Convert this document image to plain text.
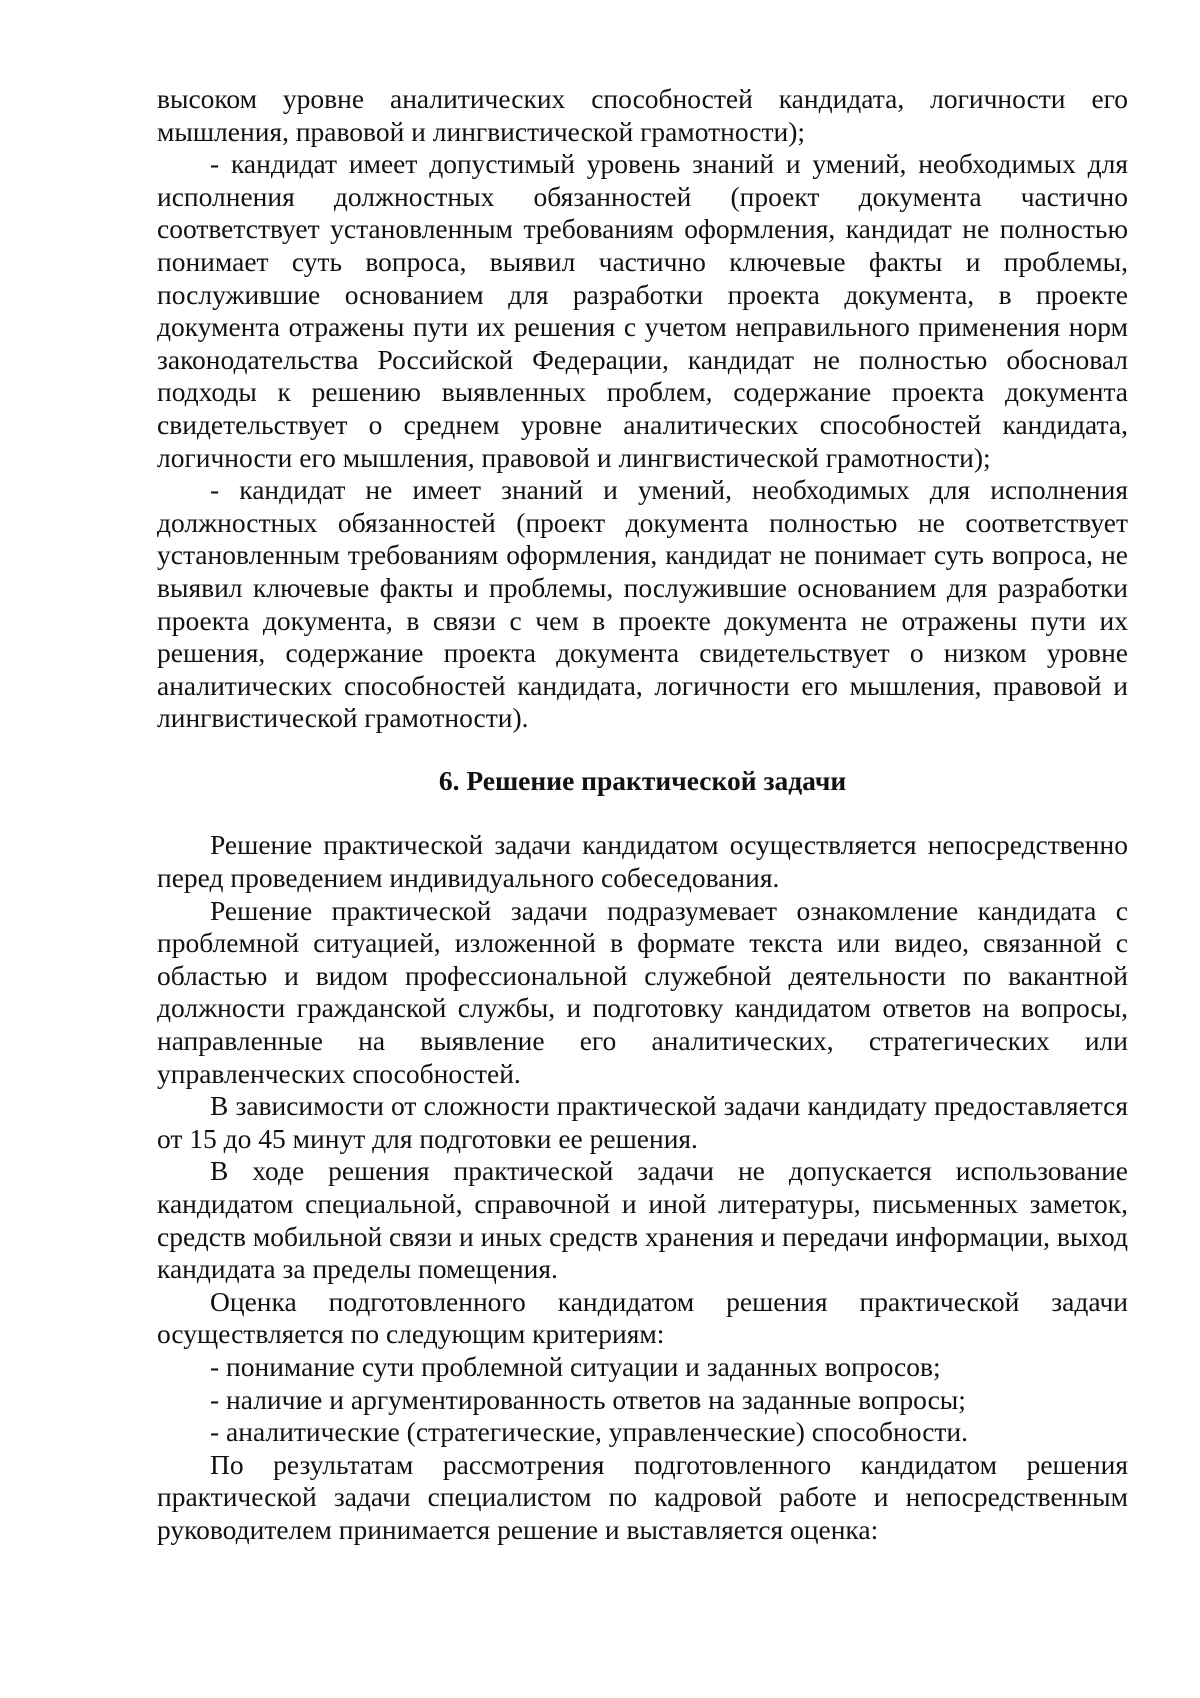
высоком уровне аналитических способностей кандидата, логичности его мышления, правовой и лингвистической грамотности);

- кандидат имеет допустимый уровень знаний и умений, необходимых для исполнения должностных обязанностей (проект документа частично соответствует установленным требованиям оформления, кандидат не полностью понимает суть вопроса, выявил частично ключевые факты и проблемы, послужившие основанием для разработки проекта документа, в проекте документа отражены пути их решения с учетом неправильного применения норм законодательства Российской Федерации, кандидат не полностью обосновал подходы к решению выявленных проблем, содержание проекта документа свидетельствует о среднем уровне аналитических способностей кандидата, логичности его мышления, правовой и лингвистической грамотности);

- кандидат не имеет знаний и умений, необходимых для исполнения должностных обязанностей (проект документа полностью не соответствует установленным требованиям оформления, кандидат не понимает суть вопроса, не выявил ключевые факты и проблемы, послужившие основанием для разработки проекта документа, в связи с чем в проекте документа не отражены пути их решения, содержание проекта документа свидетельствует о низком уровне аналитических способностей кандидата, логичности его мышления, правовой и лингвистической грамотности).

6. Решение практической задачи

Решение практической задачи кандидатом осуществляется непосредственно перед проведением индивидуального собеседования.

Решение практической задачи подразумевает ознакомление кандидата с проблемной ситуацией, изложенной в формате текста или видео, связанной с областью и видом профессиональной служебной деятельности по вакантной должности гражданской службы, и подготовку кандидатом ответов на вопросы, направленные на выявление его аналитических, стратегических или управленческих способностей.

В зависимости от сложности практической задачи кандидату предоставляется от 15 до 45 минут для подготовки ее решения.

В ходе решения практической задачи не допускается использование кандидатом специальной, справочной и иной литературы, письменных заметок, средств мобильной связи и иных средств хранения и передачи информации, выход кандидата за пределы помещения.

Оценка подготовленного кандидатом решения практической задачи осуществляется по следующим критериям:

- понимание сути проблемной ситуации и заданных вопросов;

- наличие и аргументированность ответов на заданные вопросы;

- аналитические (стратегические, управленческие) способности.

По результатам рассмотрения подготовленного кандидатом решения практической задачи специалистом по кадровой работе и непосредственным руководителем принимается решение и выставляется оценка:
